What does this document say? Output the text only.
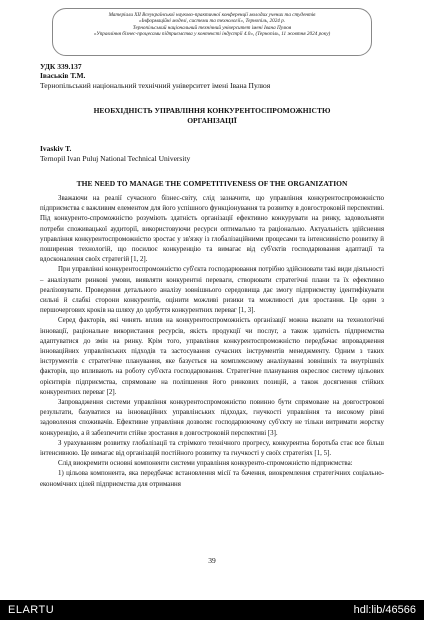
Матеріали XII Всеукраїнської науково-практичної конференції молодих учених та студентів
«Інформаційні моделі, системи та технології», Тернопіль, 2024 р.
Тернопільський національний технічний університет імені Івана Пулюя
«Управління бізнес-процесами підприємства у контексті індустрії 4.0», (Тернопіль, 11 жовтня 2024 року)
УДК 339.137
Іваськів Т.М.
Тернопільський національний технічний університет імені Івана Пулюя
НЕОБХІДНІСТЬ УПРАВЛІННЯ КОНКУРЕНТОСПРОМОЖНІСТЮ
ОРГАНІЗАЦІЇ
Ivaskiv T.
Ternopil Ivan Puluj National Technical University
THE NEED TO MANAGE THE COMPETITIVENESS OF THE ORGANIZATION

Зважаючи на реалії сучасного бізнес-світу, слід зазначити, що управління конкурентоспроможністю підприємства є важливим елементом для його успішного функціонування та розвитку в довгостроковій перспективі. Під конкуренто-спроможністю розуміють здатність організації ефективно конкурувати на ринку, задовольняти потреби споживацької аудиторії, використовуючи ресурси оптимально та раціонально. Актуальність здійснення управління конкурентоспроможністю зростає у зв'язку із глобалізаційними процесами та інтенсивністю розвитку й поширення технологій, що посилює конкуренцію та вимагає від суб'єктів господарювання адаптації та вдосконалення своїх стратегій [1, 2].

При управлінні конкурентоспроможністю суб'єкта господарювання потрібно здійснювати такі види діяльності – аналізувати ринкові умови, виявляти конкурентні переваги, створювати стратегічні плани та їх ефективно реалізовувати. Проведення детального аналізу зовнішнього середовища дає змогу підприємству ідентифікувати сильні й слабкі сторони конкурентів, оцінити можливі ризики та можливості для зростання. Це один з першочергових кроків на шляху до здобуття конкурентних переваг [1, 3].

Серед факторів, які чинять вплив на конкурентоспроможність організації можна вказати на технологічні інновації, раціональне використання ресурсів, якість продукції чи послуг, а також здатність підприємства адаптуватися до змін на ринку. Крім того, управління конкурентоспроможністю передбачає впровадження інноваційних управлінських підходів та застосування сучасних інструментів менеджменту. Одним з таких інструментів є стратегічне планування, яке базується на комплексному аналізуванні зовнішніх та внутрішніх факторів, що впливають на роботу суб'єкта господарювання. Стратегічне планування окреслює систему цільових орієнтирів підприємства, спрямоване на поліпшення його ринкових позицій, а також досягнення стійких конкурентних переваг [2].

Запровадження системи управління конкурентоспроможністю повинно бути спрямоване на довгострокові результати, базуватися на інноваційних управлінських підходах, гнучкості управління та високому рівні задоволення споживачів. Ефективне управління дозволяє господарюючому суб'єкту не тільки витримати жорстку конкуренцію, а й забезпечити стійке зростання в довгостроковій перспективі [3].

З урахуванням розвитку глобалізації та стрімкого технічного прогресу, конкурентна боротьба стає все більш інтенсивною. Це вимагає від організацій постійного розвитку та гнучкості у своїх стратегіях [1, 5].

Слід виокремити основні компоненти системи управління конкуренто-спроможністю підприємства:

1) цільова компонента, яка передбачає встановлення місії та бачення, виокремлення стратегічних соціально-економічних цілей підприємства для отримання

39
ELARTU	hdl:lib/46566
